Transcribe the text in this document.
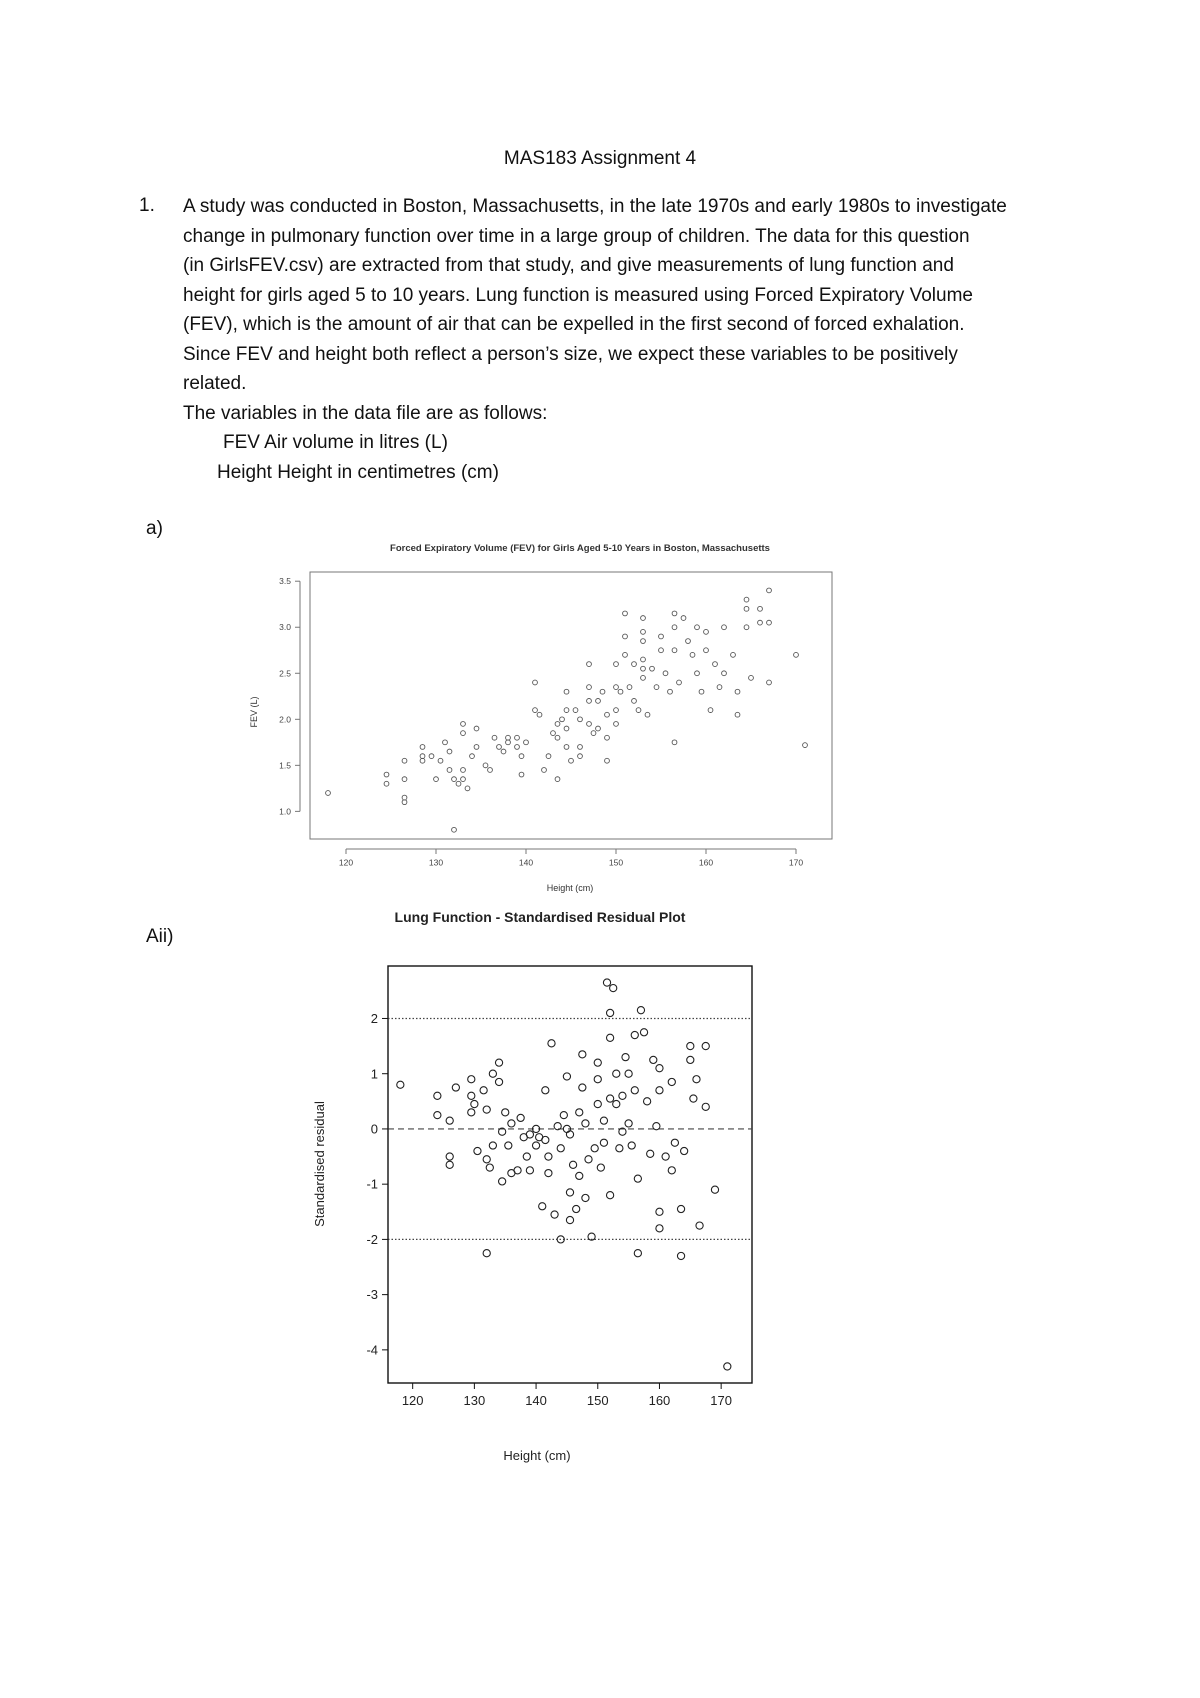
MAS183 Assignment 4
1. A study was conducted in Boston, Massachusetts, in the late 1970s and early 1980s to investigate

change in pulmonary function over time in a large group of children. The data for this question

(in GirlsFEV.csv) are extracted from that study, and give measurements of lung function and

height for girls aged 5 to 10 years. Lung function is measured using Forced Expiratory Volume

(FEV), which is the amount of air that can be expelled in the first second of forced exhalation.

Since FEV and height both reflect a person’s size, we expect these variables to be positively

related.

The variables in the data file are as follows:

FEV Air volume in litres (L)

Height Height in centimetres (cm)

a)
Aii)
Forced Expiratory Volume (FEV) for Girls Aged 5-10 Years in Boston, Massachusetts
120	130	140	150	160	170
1.0
1.5
2.0
2.5
3.0
3.5
Height (cm)
FEV (L)
Lung Function - Standardised Residual Plot
120	130	140	150	160	170
-4
-3
-2
-1
0
1
2
Height (cm)
Standardised residual
